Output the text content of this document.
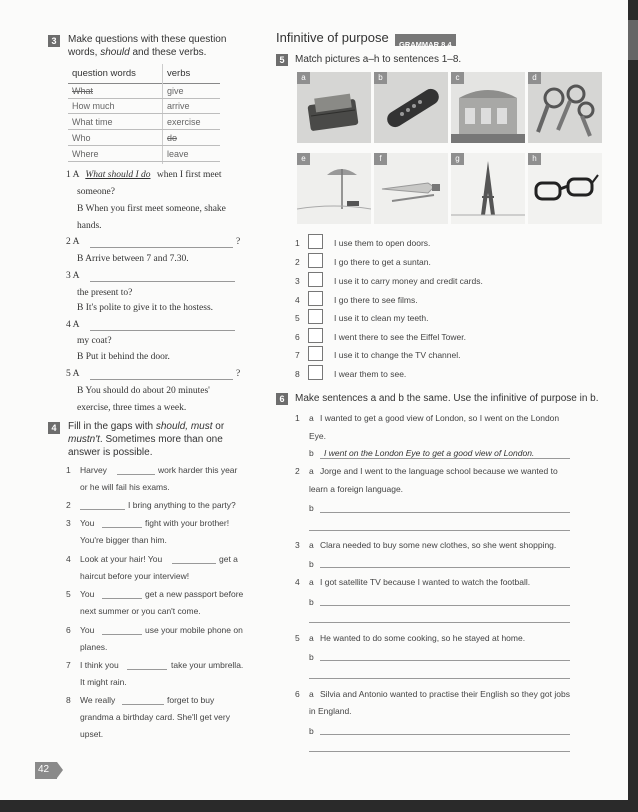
3	Make questions with these question
words, should and these verbs.
question words	verbs
What	give
How much	arrive
What time	exercise
Who	do
Where	leave
1 A What should I do when I first meet
someone?
B When you first meet someone, shake
hands.
2 A	?
B Arrive between 7 and 7.30.
3 A
the present to?
B It's polite to give it to the hostess.
4 A
my coat?
B Put it behind the door.
5 A	?
B You should do about 20 minutes'
exercise, three times a week.
4	Fill in the gaps with should, must or
mustn't. Sometimes more than one
answer is possible.
1 Harvey	work harder this year
or he will fail his exams.
2	I bring anything to the party?
3 You	fight with your brother!
You're bigger than him.
4 Look at your hair! You	get a
haircut before your interview!
5 You	get a new passport before
next summer or you can't come.
6 You	use your mobile phone on
planes.
7 I think you	take your umbrella.
It might rain.
8 We really	forget to buy
grandma a birthday card. She'll get very
upset.
42
Infinitive of purpose	GRAMMAR 8.4
5	Match pictures a–h to sentences 1–8.
a	b	c	d
e	f	g	h
1	I use them to open doors.
2	I go there to get a suntan.
3	I use it to carry money and credit cards.
4	I go there to see films.
5	I use it to clean my teeth.
6	I went there to see the Eiffel Tower.
7	I use it to change the TV channel.
8	I wear them to see.
6	Make sentences a and b the same. Use the infinitive of purpose in b.
1 a I wanted to get a good view of London, so I went on the London
Eye.
b I went on the London Eye to get a good view of London.
2 a Jorge and I went to the language school because we wanted to
learn a foreign language.
b
3 a Clara needed to buy some new clothes, so she went shopping.
b
4 a I got satellite TV because I wanted to watch the football.
b
5 a He wanted to do some cooking, so he stayed at home.
b
6 a Silvia and Antonio wanted to practise their English so they got jobs
in England.
b
